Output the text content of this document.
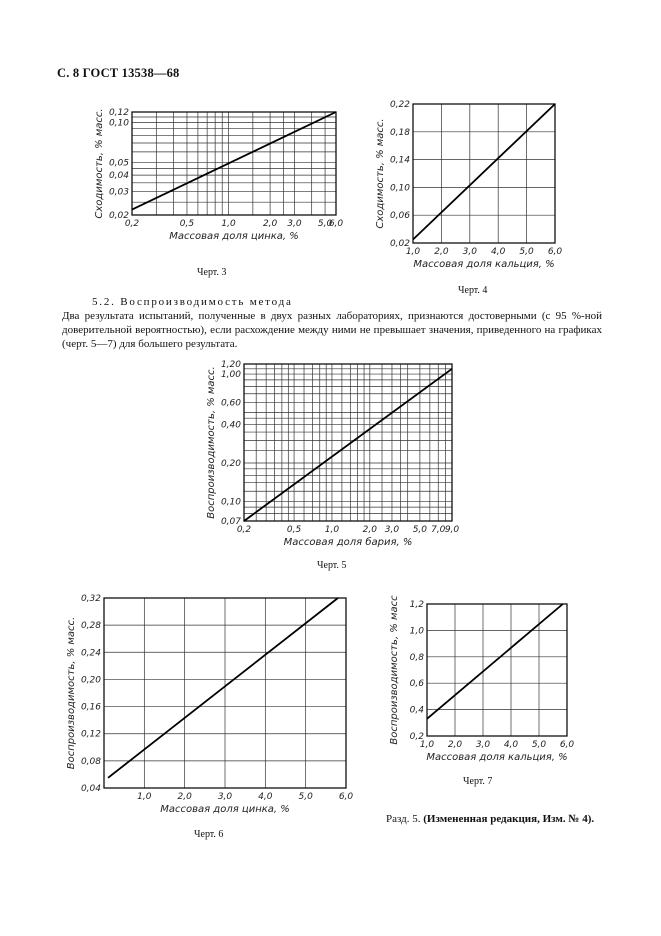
С. 8 ГОСТ 13538—68
0,2	0,5	1,0	2,0 3,0 5,0
6,0
0,02
0,03
0,04
0,05
0,10
0,12
Массовая доля цинка, %
Сходимость, % масс.
Черт. 3
1,0 2,0 3,0 4,0 5,0 6,0
0,02
0,06
0,10
0,14
0,18
0,22
Массовая доля кальция, %
Сходимость, % масс.
Черт. 4
5.2. Воспроизводимость метода
Два результата испытаний, полученные в двух разных лабораториях, признаются достоверными (с 95 %-ной доверительной вероятностью), если расхождение между ними не превышает значения, приведенного на графиках (черт. 5—7) для большего результата.
0,2	0,5	1,0	2,0 3,0 5,0 7,0 9,0
0,07
0,10
0,20
0,40
0,60
1,00
1,20
Массовая доля бария, %
Воспроизводимость, % масс.
Черт. 5
1,0	2,0	3,0	4,0	5,0	6,0
0,04
0,08
0,12
0,16
0,20
0,24
0,28
0,32
Массовая доля цинка, %
Воспроизводимость, % масс.
Черт. 6
1,0 2,0 3,0 4,0 5,0 6,0
0,2
0,4
0,6
0,8
1,0
1,2
Массовая доля кальция, %
Воспроизводимость, % масс
Черт. 7
Разд. 5. (Измененная редакция, Изм. № 4).
